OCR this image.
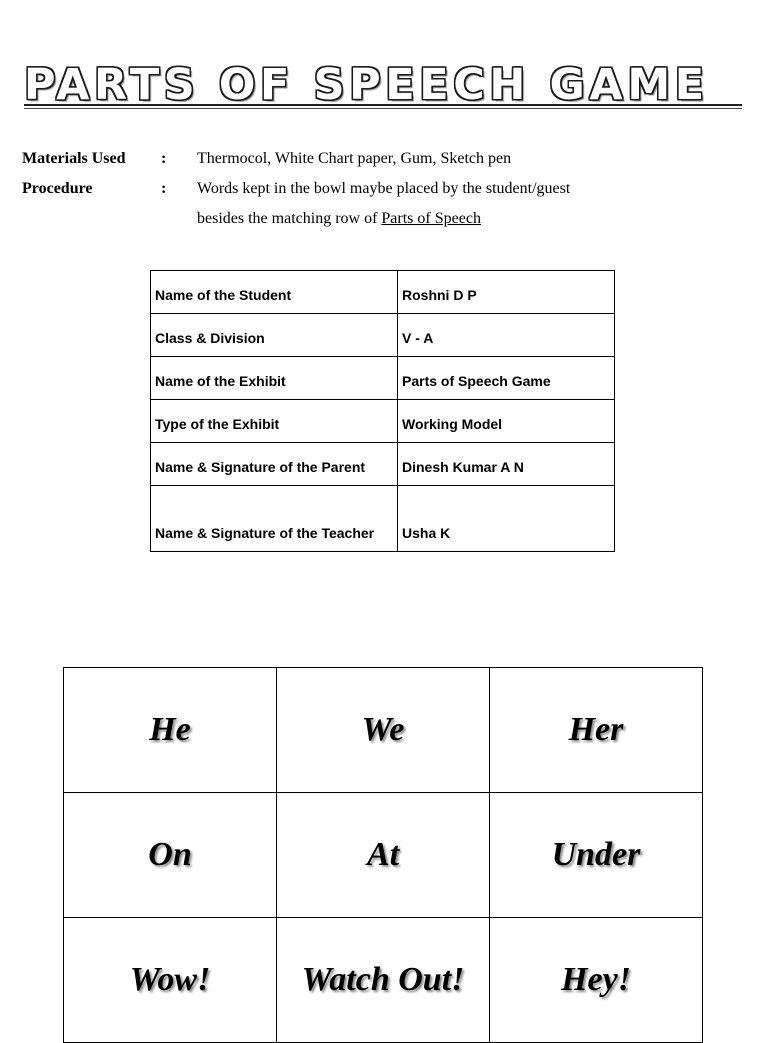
PARTS OF SPEECH GAME
Materials Used : Thermocol, White Chart paper, Gum, Sketch pen
Procedure	: Words kept in the bowl maybe placed by the student/guest
besides the matching row of Parts of Speech
Name of the Student	Roshni D P
Class & Division	V - A
Name of the Exhibit	Parts of Speech Game
Type of the Exhibit	Working Model
Name & Signature of the Parent	Dinesh Kumar A N
Name & Signature of the Teacher	Usha K
He	We	Her
On	At	Under
Wow!	Watch Out!	Hey!
